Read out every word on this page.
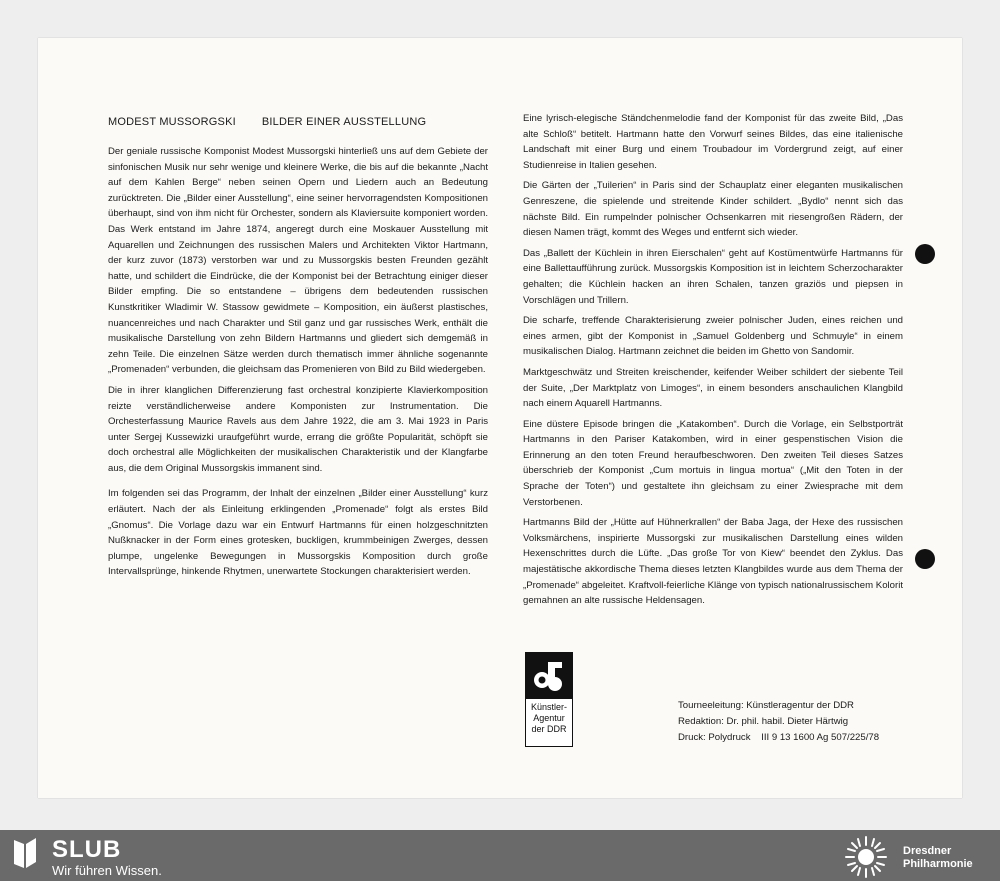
MODEST MUSSORGSKI BILDER EINER AUSSTELLUNG

Der geniale russische Komponist Modest Mussorgski hinterließ uns auf dem Gebiete der sinfonischen Musik nur sehr wenige und kleinere Werke, die bis auf die bekannte „Nacht auf dem Kahlen Berge“ neben seinen Opern und Liedern auch an Bedeutung zurücktreten. Die „Bilder einer Ausstellung“, eine seiner hervorragendsten Kompositionen überhaupt, sind von ihm nicht für Orchester, sondern als Klaviersuite komponiert worden. Das Werk entstand im Jahre 1874, angeregt durch eine Moskauer Ausstellung mit Aquarellen und Zeichnungen des russischen Malers und Architekten Viktor Hartmann, der kurz zuvor (1873) verstorben war und zu Mussorgskis besten Freunden gezählt hatte, und schildert die Eindrücke, die der Komponist bei der Betrachtung einiger dieser Bilder empfing. Die so entstandene – übrigens dem bedeutenden russischen Kunstkritiker Wladimir W. Stassow gewidmete – Komposition, ein äußerst plastisches, nuancenreiches und nach Charakter und Stil ganz und gar russisches Werk, enthält die musikalische Darstellung von zehn Bildern Hartmanns und gliedert sich demgemäß in zehn Teile. Die einzelnen Sätze werden durch thematisch immer ähnliche sogenannte „Promenaden“ verbunden, die gleichsam das Promenieren von Bild zu Bild wiedergeben.

Die in ihrer klanglichen Differenzierung fast orchestral konzipierte Klavierkomposition reizte verständlicherweise andere Komponisten zur Instrumentation. Die Orchesterfassung Maurice Ravels aus dem Jahre 1922, die am 3. Mai 1923 in Paris unter Sergej Kussewizki uraufgeführt wurde, errang die größte Popularität, schöpft sie doch orchestral alle Möglichkeiten der musikalischen Charakteristik und der Klangfarbe aus, die dem Original Mussorgskis immanent sind.

Im folgenden sei das Programm, der Inhalt der einzelnen „Bilder einer Ausstellung“ kurz erläutert. Nach der als Einleitung erklingenden „Promenade“ folgt als erstes Bild „Gnomus“. Die Vorlage dazu war ein Entwurf Hartmanns für einen holzgeschnitzten Nußknacker in der Form eines grotesken, buckligen, krummbeinigen Zwerges, dessen plumpe, ungelenke Bewegungen in Mussorgskis Komposition durch große Intervallsprünge, hinkende Rhytmen, unerwartete Stockungen charakterisiert werden.

Eine lyrisch-elegische Ständchenmelodie fand der Komponist für das zweite Bild, „Das alte Schloß“ betitelt. Hartmann hatte den Vorwurf seines Bildes, das eine italienische Landschaft mit einer Burg und einem Troubadour im Vordergrund zeigt, auf einer Studienreise in Italien gesehen.

Die Gärten der „Tuilerien“ in Paris sind der Schauplatz einer eleganten musikalischen Genreszene, die spielende und streitende Kinder schildert. „Bydlo“ nennt sich das nächste Bild. Ein rumpelnder polnischer Ochsenkarren mit riesengroßen Rädern, der diesen Namen trägt, kommt des Weges und entfernt sich wieder.

Das „Ballett der Küchlein in ihren Eierschalen“ geht auf Kostümentwürfe Hartmanns für eine Ballettaufführung zurück. Mussorgskis Komposition ist in leichtem Scherzocharakter gehalten; die Küchlein hacken an ihren Schalen, tanzen graziös und piepsen in Vorschlägen und Trillern.

Die scharfe, treffende Charakterisierung zweier polnischer Juden, eines reichen und eines armen, gibt der Komponist in „Samuel Goldenberg und Schmuyle“ in einem musikalischen Dialog. Hartmann zeichnet die beiden im Ghetto von Sandomir.

Marktgeschwätz und Streiten kreischender, keifender Weiber schildert der siebente Teil der Suite, „Der Marktplatz von Limoges“, in einem besonders anschaulichen Klangbild nach einem Aquarell Hartmanns.

Eine düstere Episode bringen die „Katakomben“. Durch die Vorlage, ein Selbstporträt Hartmanns in den Pariser Katakomben, wird in einer gespenstischen Vision die Erinnerung an den toten Freund heraufbeschworen. Den zweiten Teil dieses Satzes überschrieb der Komponist „Cum mortuis in lingua mortua“ („Mit den Toten in der Sprache der Toten“) und gestaltete ihn gleichsam zu einer Zwiesprache mit dem Verstorbenen.

Hartmanns Bild der „Hütte auf Hühnerkrallen“ der Baba Jaga, der Hexe des russischen Volksmärchens, inspirierte Mussorgski zur musikalischen Darstellung eines wilden Hexenschrittes durch die Lüfte. „Das große Tor von Kiew“ beendet den Zyklus. Das majestätische akkordische Thema dieses letzten Klangbildes wurde aus dem Thema der „Promenade“ abgeleitet. Kraftvoll-feierliche Klänge von typisch nationalrussischem Kolorit gemahnen an alte russische Heldensagen.

Künstler-
Agentur
der DDR
Tourneeleitung: Künstleragentur der DDR
Redaktion: Dr. phil. habil. Dieter Härtwig
Druck: Polydruck    III 9 13 1600 Ag 507/225/78
SLUB
Wir führen Wissen.
Dresdner
Philharmonie
